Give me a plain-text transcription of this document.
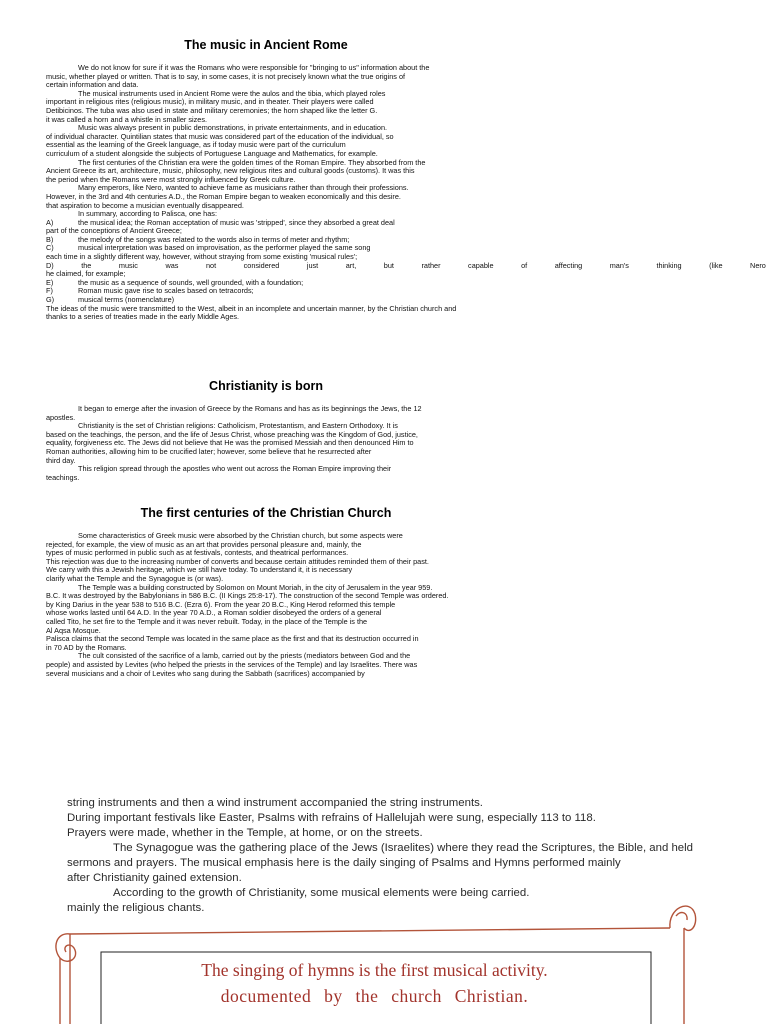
The music in Ancient Rome
We do not know for sure if it was the Romans who were responsible for "bringing to us" information about the
music, whether played or written. That is to say, in some cases, it is not precisely known what the true origins of
certain information and data.
The musical instruments used in Ancient Rome were the aulos and the tibia, which played roles
important in religious rites (religious music), in military music, and in theater. Their players were called
Detibicinos. The tuba was also used in state and military ceremonies; the horn shaped like the letter G.
it was called a horn and a whistle in smaller sizes.
Music was always present in public demonstrations, in private entertainments, and in education.
of individual character. Quintilian states that music was considered part of the education of the individual, so
essential as the learning of the Greek language, as if today music were part of the curriculum
curriculum of a student alongside the subjects of Portuguese Language and Mathematics, for example.
The first centuries of the Christian era were the golden times of the Roman Empire. They absorbed from the
Ancient Greece its art, architecture, music, philosophy, new religious rites and cultural goods (customs). It was this
the period when the Romans were most strongly influenced by Greek culture.
Many emperors, like Nero, wanted to achieve fame as musicians rather than through their professions.
However, in the 3rd and 4th centuries A.D., the Roman Empire began to weaken economically and this desire.
that aspiration to become a musician eventually disappeared.
In summary, according to Palisca, one has:
A)	the musical idea; the Roman acceptation of music was 'stripped', since they absorbed a great deal
part of the conceptions of Ancient Greece;
B)	the melody of the songs was related to the words also in terms of meter and rhythm;
C)	musical interpretation was based on improvisation, as the performer played the same song
each time in a slightly different way, however, without straying from some existing 'musical rules';
D)	the	music	was	not	considered	just	art,	but	rather	capable	of	affecting	man's	thinking	(like	Nero
he claimed, for example;
E)	the music as a sequence of sounds, well grounded, with a foundation;
F)	Roman music gave rise to scales based on tetracords;
G)	musical terms (nomenclature)
The ideas of the music were transmitted to the West, albeit in an incomplete and uncertain manner, by the Christian church and
thanks to a series of treaties made in the early Middle Ages.
Christianity is born
It began to emerge after the invasion of Greece by the Romans and has as its beginnings the Jews, the 12
apostles.
Christianity is the set of Christian religions: Catholicism, Protestantism, and Eastern Orthodoxy. It is
based on the teachings, the person, and the life of Jesus Christ, whose preaching was the Kingdom of God, justice,
equality, forgiveness etc. The Jews did not believe that He was the promised Messiah and then denounced Him to
Roman authorities, allowing him to be crucified later; however, some believe that he resurrected after
third day.
This religion spread through the apostles who went out across the Roman Empire improving their
teachings.
The first centuries of the Christian Church
Some characteristics of Greek music were absorbed by the Christian church, but some aspects were
rejected, for example, the view of music as an art that provides personal pleasure and, mainly, the
types of music performed in public such as at festivals, contests, and theatrical performances.
This rejection was due to the increasing number of converts and because certain attitudes reminded them of their past.
We carry with this a Jewish heritage, which we still have today. To understand it, it is necessary
clarify what the Temple and the Synagogue is (or was).
The Temple was a building constructed by Solomon on Mount Moriah, in the city of Jerusalem in the year 959.
B.C. It was destroyed by the Babylonians in 586 B.C. (II Kings 25:8-17). The construction of the second Temple was ordered.
by King Darius in the year 538 to 516 B.C. (Ezra 6). From the year 20 B.C., King Herod reformed this temple
whose works lasted until 64 A.D. In the year 70 A.D., a Roman soldier disobeyed the orders of a general
called Tito, he set fire to the Temple and it was never rebuilt. Today, in the place of the Temple is the
Al Aqsa Mosque.
Palisca claims that the second Temple was located in the same place as the first and that its destruction occurred in
in 70 AD by the Romans.
The cult consisted of the sacrifice of a lamb, carried out by the priests (mediators between God and the
people) and assisted by Levites (who helped the priests in the services of the Temple) and lay Israelites. There was
several musicians and a choir of Levites who sang during the Sabbath (sacrifices) accompanied by
string instruments and then a wind instrument accompanied the string instruments.
During important festivals like Easter, Psalms with refrains of Hallelujah were sung, especially 113 to 118.
Prayers were made, whether in the Temple, at home, or on the streets.
The Synagogue was the gathering place of the Jews (Israelites) where they read the Scriptures, the Bible, and held
sermons and prayers. The musical emphasis here is the daily singing of Psalms and Hymns performed mainly
after Christianity gained extension.
According to the growth of Christianity, some musical elements were being carried.
mainly the religious chants.
The singing of hymns is the first musical activity.
documented by the church Christian.
